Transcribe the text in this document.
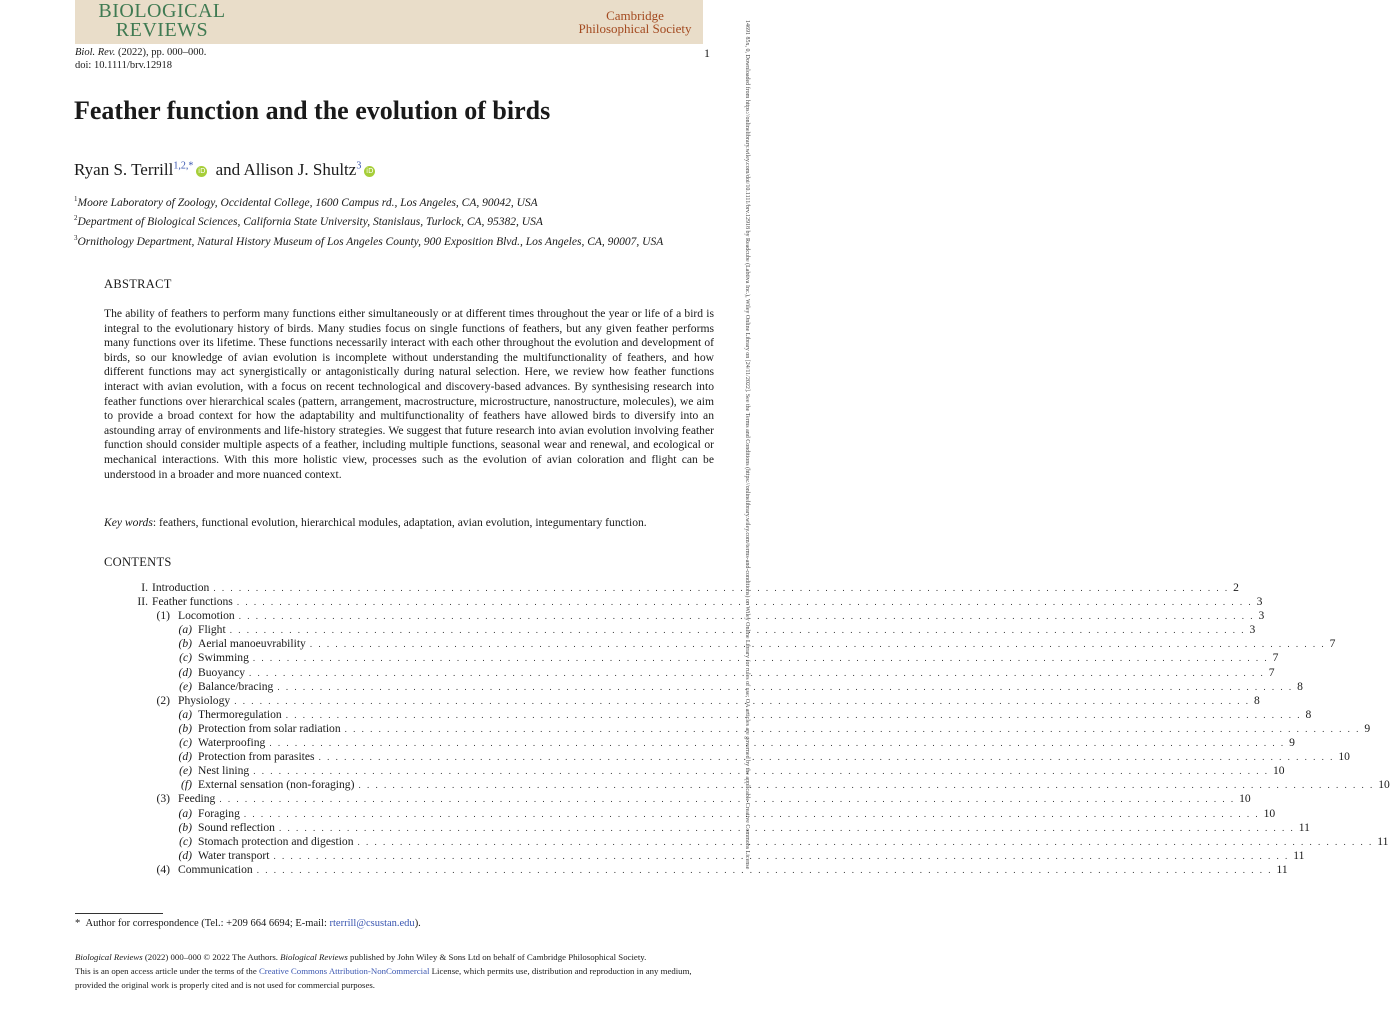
BIOLOGICAL
REVIEWS
Cambridge
Philosophical Society
Biol. Rev. (2022), pp. 000–000.
doi: 10.1111/brv.12918
1	14691 85x, 0, Downloaded from https://onlinelibrary.wiley.com/doi/10.1111/brv.12918 by Readcube (Labtiva Inc.), Wiley Online Library on [24/11/2022]. See the Terms and Conditions (https://onlinelibrary.wiley.com/terms-and-conditions) on Wiley Online Library for rules of use; OA articles are governed by the applicable Creative Commons License
Feather function and the evolution of birds
Ryan S. Terrill$^{1,2,*}$ iD and Allison J. Shultz$^3$ iD
$^1$Moore Laboratory of Zoology, Occidental College, 1600 Campus rd., Los Angeles, CA, 90042, USA
$^2$Department of Biological Sciences, California State University, Stanislaus, Turlock, CA, 95382, USA
$^3$Ornithology Department, Natural History Museum of Los Angeles County, 900 Exposition Blvd., Los Angeles, CA, 90007, USA
ABSTRACT

The ability of feathers to perform many functions either simultaneously or at different times throughout the year or life of a bird is integral to the evolutionary history of birds. Many studies focus on single functions of feathers, but any given feather performs many functions over its lifetime. These functions necessarily interact with each other throughout the evolution and development of birds, so our knowledge of avian evolution is incomplete without understanding the multifunctionality of feathers, and how different functions may act synergistically or antagonistically during natural selection. Here, we review how feather functions interact with avian evolution, with a focus on recent technological and discovery-based advances. By synthesising research into feather functions over hierarchical scales (pattern, arrangement, macrostructure, microstructure, nanostructure, molecules), we aim to provide a broad context for how the adaptability and multifunctionality of feathers have allowed birds to diversify into an astounding array of environments and life-history strategies. We suggest that future research into avian evolution involving feather function should consider multiple aspects of a feather, including multiple functions, seasonal wear and renewal, and ecological or mechanical interactions. With this more holistic view, processes such as the evolution of avian coloration and flight can be understood in a broader and more nuanced context.

Key words: feathers, functional evolution, hierarchical modules, adaptation, avian evolution, integumentary function.
CONTENTS
I. Introduction . . . . . . . . . . . . . . . . . . . . . . . . . . . . . . . . . . . . . . . . . . . . . . . . . . . . . . . . . . . . . . . . . . . . . . . . . . . . . . . . . . . . . . . . . . . . . . . . . . . . . . . . . . . . . . . . . . . . . . . . 2
II. Feather functions . . . . . . . . . . . . . . . . . . . . . . . . . . . . . . . . . . . . . . . . . . . . . . . . . . . . . . . . . . . . . . . . . . . . . . . . . . . . . . . . . . . . . . . . . . . . . . . . . . . . . . . . . . . . . . . . . . . . . . . . 3
(1) Locomotion . . . . . . . . . . . . . . . . . . . . . . . . . . . . . . . . . . . . . . . . . . . . . . . . . . . . . . . . . . . . . . . . . . . . . . . . . . . . . . . . . . . . . . . . . . . . . . . . . . . . . . . . . . . . . . . . . . . . . . . . 3
(a) Flight . . . . . . . . . . . . . . . . . . . . . . . . . . . . . . . . . . . . . . . . . . . . . . . . . . . . . . . . . . . . . . . . . . . . . . . . . . . . . . . . . . . . . . . . . . . . . . . . . . . . . . . . . . . . . . . . . . . . . . . . 3
(b) Aerial manoeuvrability . . . . . . . . . . . . . . . . . . . . . . . . . . . . . . . . . . . . . . . . . . . . . . . . . . . . . . . . . . . . . . . . . . . . . . . . . . . . . . . . . . . . . . . . . . . . . . . . . . . . . . . . . . . . . . . . . . . . . . . . 7
(c) Swimming . . . . . . . . . . . . . . . . . . . . . . . . . . . . . . . . . . . . . . . . . . . . . . . . . . . . . . . . . . . . . . . . . . . . . . . . . . . . . . . . . . . . . . . . . . . . . . . . . . . . . . . . . . . . . . . . . . . . . . . . 7
(d) Buoyancy . . . . . . . . . . . . . . . . . . . . . . . . . . . . . . . . . . . . . . . . . . . . . . . . . . . . . . . . . . . . . . . . . . . . . . . . . . . . . . . . . . . . . . . . . . . . . . . . . . . . . . . . . . . . . . . . . . . . . . . . 7
(e) Balance/bracing . . . . . . . . . . . . . . . . . . . . . . . . . . . . . . . . . . . . . . . . . . . . . . . . . . . . . . . . . . . . . . . . . . . . . . . . . . . . . . . . . . . . . . . . . . . . . . . . . . . . . . . . . . . . . . . . . . . . . . . . 8
(2) Physiology . . . . . . . . . . . . . . . . . . . . . . . . . . . . . . . . . . . . . . . . . . . . . . . . . . . . . . . . . . . . . . . . . . . . . . . . . . . . . . . . . . . . . . . . . . . . . . . . . . . . . . . . . . . . . . . . . . . . . . . . 8
(a) Thermoregulation . . . . . . . . . . . . . . . . . . . . . . . . . . . . . . . . . . . . . . . . . . . . . . . . . . . . . . . . . . . . . . . . . . . . . . . . . . . . . . . . . . . . . . . . . . . . . . . . . . . . . . . . . . . . . . . . . . . . . . . . 8
(b) Protection from solar radiation . . . . . . . . . . . . . . . . . . . . . . . . . . . . . . . . . . . . . . . . . . . . . . . . . . . . . . . . . . . . . . . . . . . . . . . . . . . . . . . . . . . . . . . . . . . . . . . . . . . . . . . . . . . . . . . . . . . . . . . . 9
(c) Waterproofing . . . . . . . . . . . . . . . . . . . . . . . . . . . . . . . . . . . . . . . . . . . . . . . . . . . . . . . . . . . . . . . . . . . . . . . . . . . . . . . . . . . . . . . . . . . . . . . . . . . . . . . . . . . . . . . . . . . . . . . . 9
(d) Protection from parasites . . . . . . . . . . . . . . . . . . . . . . . . . . . . . . . . . . . . . . . . . . . . . . . . . . . . . . . . . . . . . . . . . . . . . . . . . . . . . . . . . . . . . . . . . . . . . . . . . . . . . . . . . . . . . . . . . . . . . . . . 10
(e) Nest lining . . . . . . . . . . . . . . . . . . . . . . . . . . . . . . . . . . . . . . . . . . . . . . . . . . . . . . . . . . . . . . . . . . . . . . . . . . . . . . . . . . . . . . . . . . . . . . . . . . . . . . . . . . . . . . . . . . . . . . . . 10
(f) External sensation (non-foraging) . . . . . . . . . . . . . . . . . . . . . . . . . . . . . . . . . . . . . . . . . . . . . . . . . . . . . . . . . . . . . . . . . . . . . . . . . . . . . . . . . . . . . . . . . . . . . . . . . . . . . . . . . . . . . . . . . . . . . . . . 10
(3) Feeding . . . . . . . . . . . . . . . . . . . . . . . . . . . . . . . . . . . . . . . . . . . . . . . . . . . . . . . . . . . . . . . . . . . . . . . . . . . . . . . . . . . . . . . . . . . . . . . . . . . . . . . . . . . . . . . . . . . . . . . . 10
(a) Foraging . . . . . . . . . . . . . . . . . . . . . . . . . . . . . . . . . . . . . . . . . . . . . . . . . . . . . . . . . . . . . . . . . . . . . . . . . . . . . . . . . . . . . . . . . . . . . . . . . . . . . . . . . . . . . . . . . . . . . . . . 10
(b) Sound reflection . . . . . . . . . . . . . . . . . . . . . . . . . . . . . . . . . . . . . . . . . . . . . . . . . . . . . . . . . . . . . . . . . . . . . . . . . . . . . . . . . . . . . . . . . . . . . . . . . . . . . . . . . . . . . . . . . . . . . . . . 11
(c) Stomach protection and digestion . . . . . . . . . . . . . . . . . . . . . . . . . . . . . . . . . . . . . . . . . . . . . . . . . . . . . . . . . . . . . . . . . . . . . . . . . . . . . . . . . . . . . . . . . . . . . . . . . . . . . . . . . . . . . . . . . . . . . . . . 11
(d) Water transport . . . . . . . . . . . . . . . . . . . . . . . . . . . . . . . . . . . . . . . . . . . . . . . . . . . . . . . . . . . . . . . . . . . . . . . . . . . . . . . . . . . . . . . . . . . . . . . . . . . . . . . . . . . . . . . . . . . . . . . . 11
(4) Communication . . . . . . . . . . . . . . . . . . . . . . . . . . . . . . . . . . . . . . . . . . . . . . . . . . . . . . . . . . . . . . . . . . . . . . . . . . . . . . . . . . . . . . . . . . . . . . . . . . . . . . . . . . . . . . . . . . . . . . . . 11
* Author for correspondence (Tel.: +209 664 6694; E-mail: rterrill@csustan.edu).

Biological Reviews (2022) 000–000 © 2022 The Authors. Biological Reviews published by John Wiley & Sons Ltd on behalf of Cambridge Philosophical Society.
This is an open access article under the terms of the Creative Commons Attribution-NonCommercial License, which permits use, distribution and reproduction in any medium, provided the original work is properly cited and is not used for commercial purposes.
